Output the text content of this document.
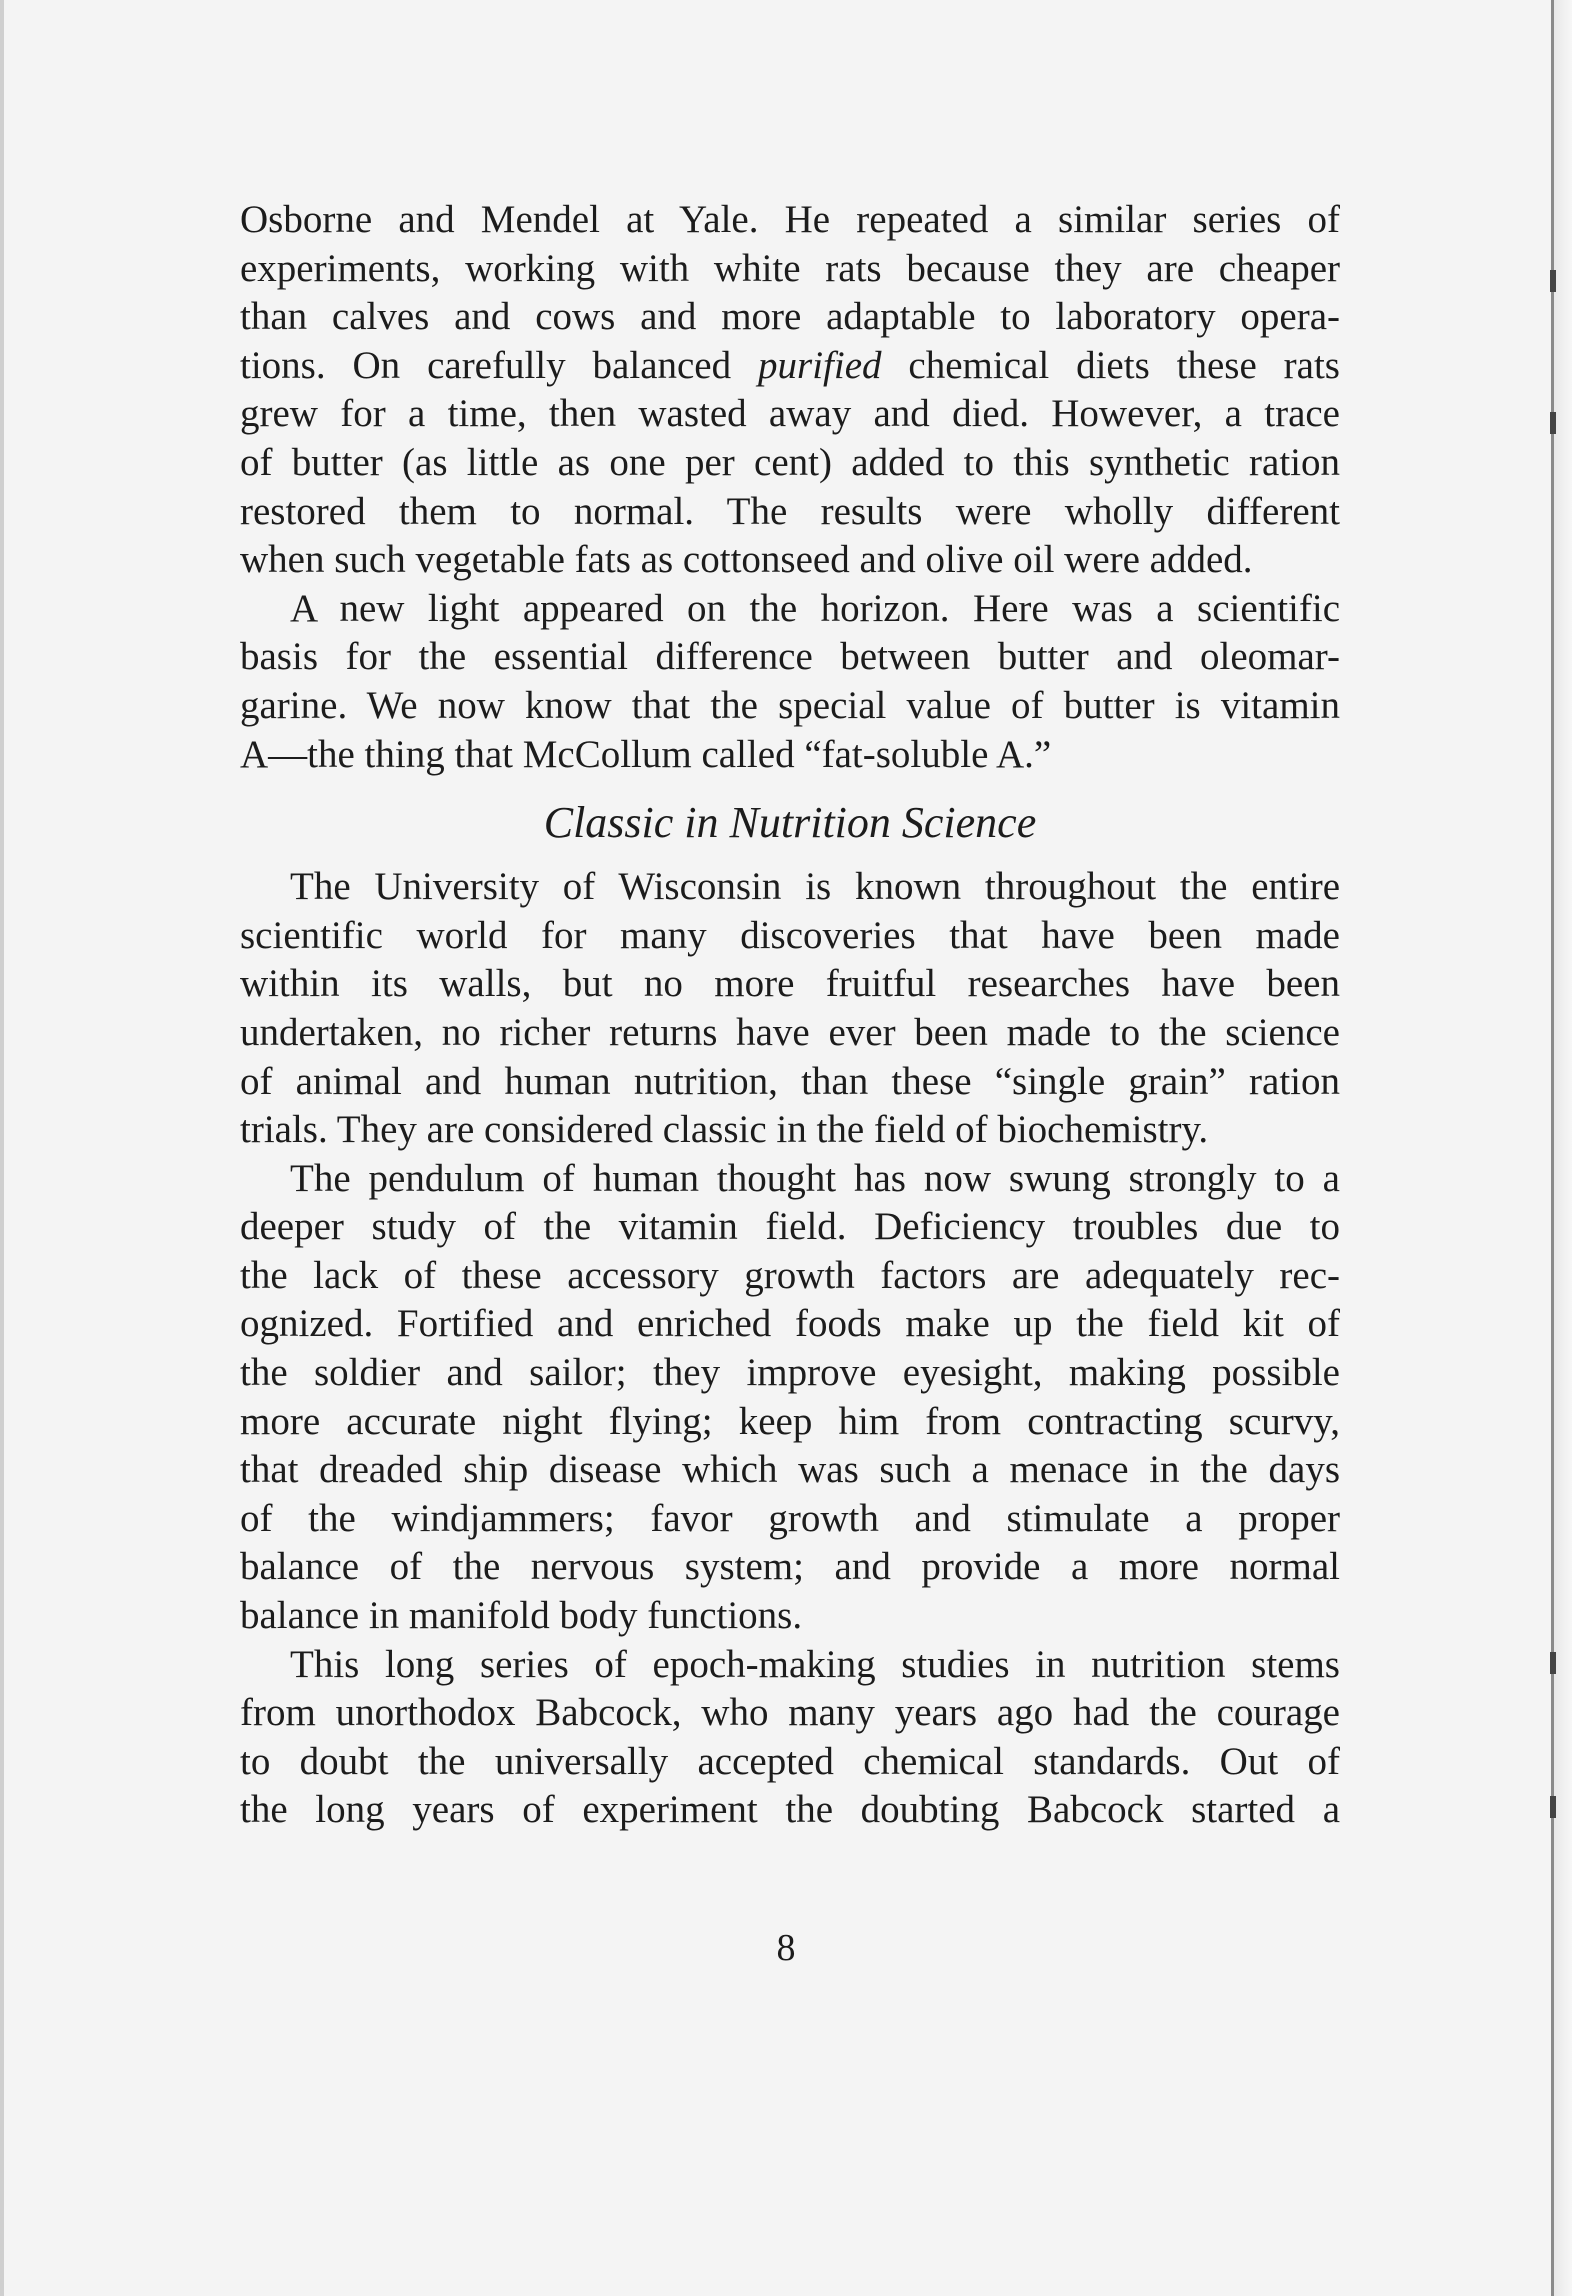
Osborne and Mendel at Yale. He repeated a similar series of
experiments, working with white rats because they are cheaper
than calves and cows and more adaptable to laboratory opera-
tions. On carefully balanced purified chemical diets these rats
grew for a time, then wasted away and died. However, a trace
of butter (as little as one per cent) added to this synthetic ration
restored them to normal. The results were wholly different
when such vegetable fats as cottonseed and olive oil were added.
A new light appeared on the horizon. Here was a scientific
basis for the essential difference between butter and oleomar-
garine. We now know that the special value of butter is vitamin
A—the thing that McCollum called “fat-soluble A.”
Classic in Nutrition Science
The University of Wisconsin is known throughout the entire
scientific world for many discoveries that have been made
within its walls, but no more fruitful researches have been
undertaken, no richer returns have ever been made to the science
of animal and human nutrition, than these “single grain” ration
trials. They are considered classic in the field of biochemistry.
The pendulum of human thought has now swung strongly to a
deeper study of the vitamin field. Deficiency troubles due to
the lack of these accessory growth factors are adequately rec-
ognized. Fortified and enriched foods make up the field kit of
the soldier and sailor; they improve eyesight, making possible
more accurate night flying; keep him from contracting scurvy,
that dreaded ship disease which was such a menace in the days
of the windjammers; favor growth and stimulate a proper
balance of the nervous system; and provide a more normal
balance in manifold body functions.
This long series of epoch-making studies in nutrition stems
from unorthodox Babcock, who many years ago had the courage
to doubt the universally accepted chemical standards. Out of
the long years of experiment the doubting Babcock started a
8
